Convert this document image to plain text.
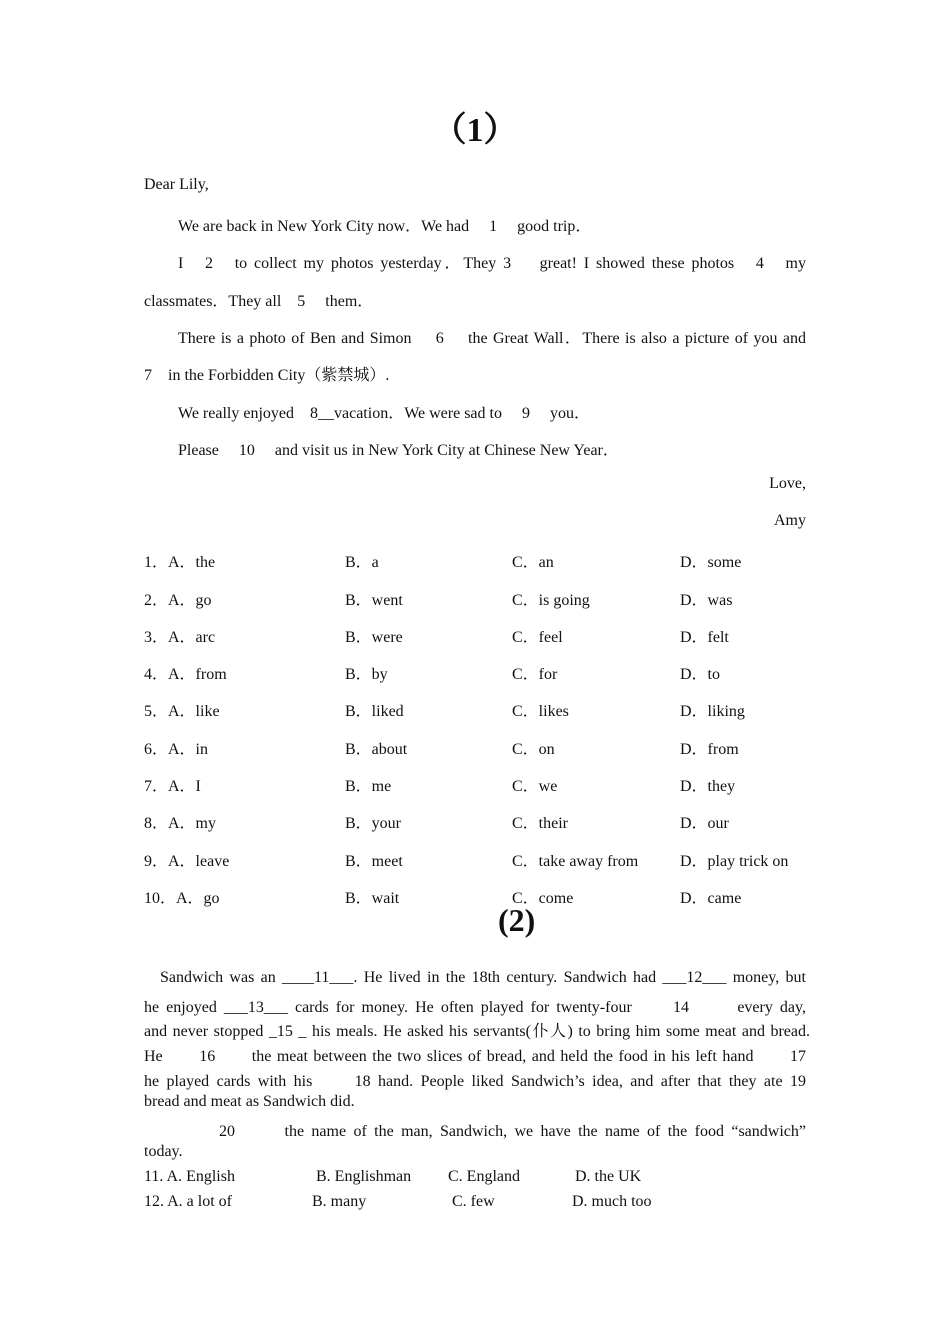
（1）
Dear Lily,
We are back in New York City now．We had　 1　 good trip．
I　2　to collect my photos yesterday．They 3　 great! I showed these photos　4　my
classmates．They all　5　 them．
There is a photo of Ben and Simon　 6　 the Great Wall．There is also a picture of you and
7　in the Forbidden City（紫禁城）.
We really enjoyed　8__vacation．We were sad to　 9　 you．
Please　 10　 and visit us in New York City at Chinese New Year．
Love,
Amy
1．A．the	B．a	C．an	D．some
2．A．go	B．went	C．is going	D．was
3．A．arc	B．were	C．feel	D．felt
4．A．from	B．by	C．for	D．to
5．A．like	B．liked	C．likes	D．liking
6．A．in	B．about	C．on	D．from
7．A．I	B．me	C．we	D．they
8．A．my	B．your	C．their	D．our
9．A．leave	B．meet	C．take away from	D．play trick on
10．A．go	B．wait	C．come	D．came
(2)
Sandwich was an ____11___. He lived in the 18th century. Sandwich had ___12___ money, but
he enjoyed ___13___ cards for money. He often played for twenty-four　　14　　 every day,
and never stopped _15 _ his meals. He asked his servants(仆人) to bring him some meat and bread.
He　　16　　the meat between the two slices of bread, and held the food in his left hand　　17
he played cards with his　　18 hand. People liked Sandwich’s idea, and after that they ate 19
bread and meat as Sandwich did.
20　　 the name of the man, Sandwich, we have the name of the food “sandwich”
today.
11. A. English	B. Englishman C. England	D. the UK
12. A. a lot of	B. many	C. few	D. much too
